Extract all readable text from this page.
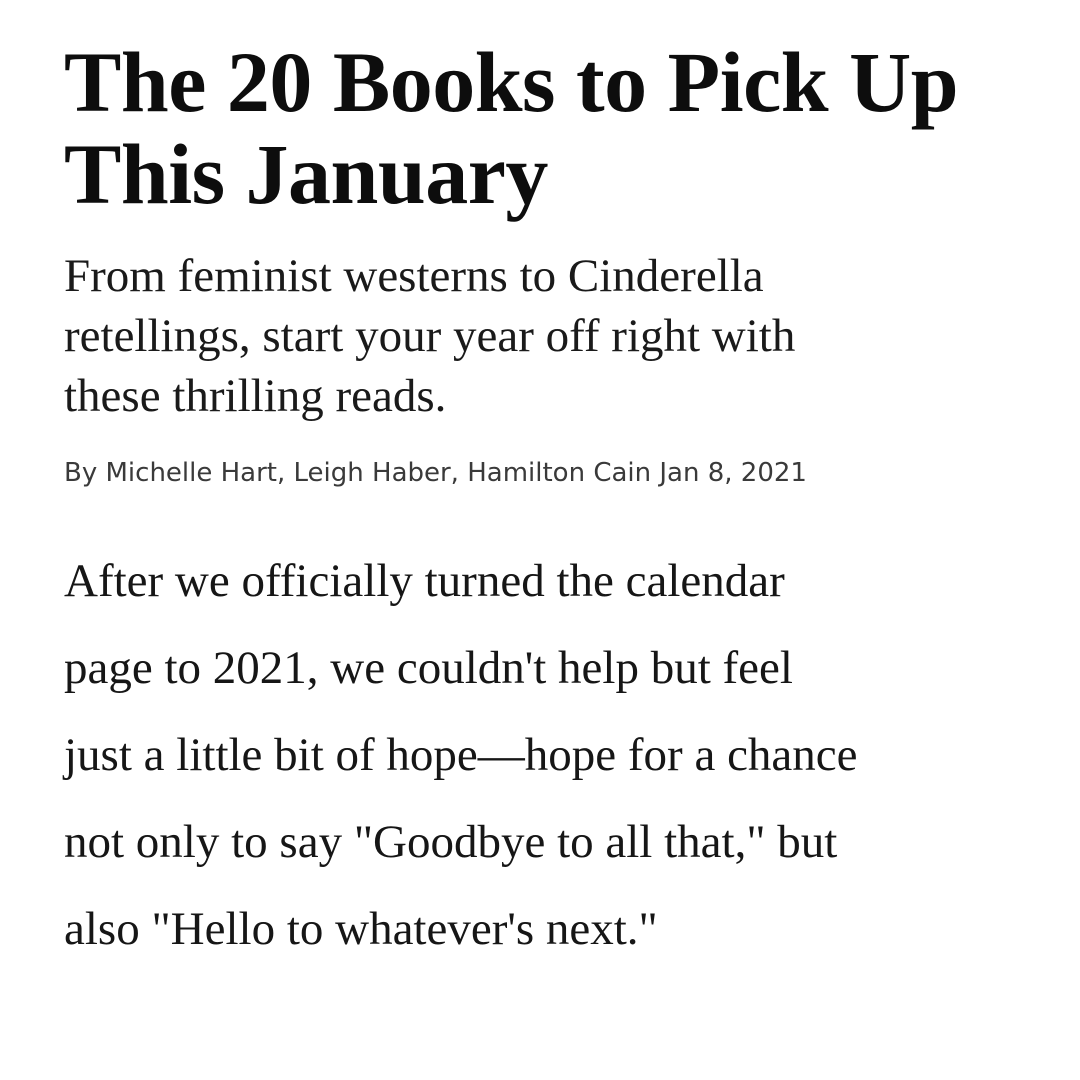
The 20 Books to Pick Up
This January
From feminist westerns to Cinderella
retellings, start your year off right with
these thrilling reads.
By Michelle Hart, Leigh Haber, Hamilton Cain Jan 8, 2021
After we officially turned the calendar
page to 2021, we couldn't help but feel
just a little bit of hope—hope for a chance
not only to say "Goodbye to all that," but
also "Hello to whatever's next."
